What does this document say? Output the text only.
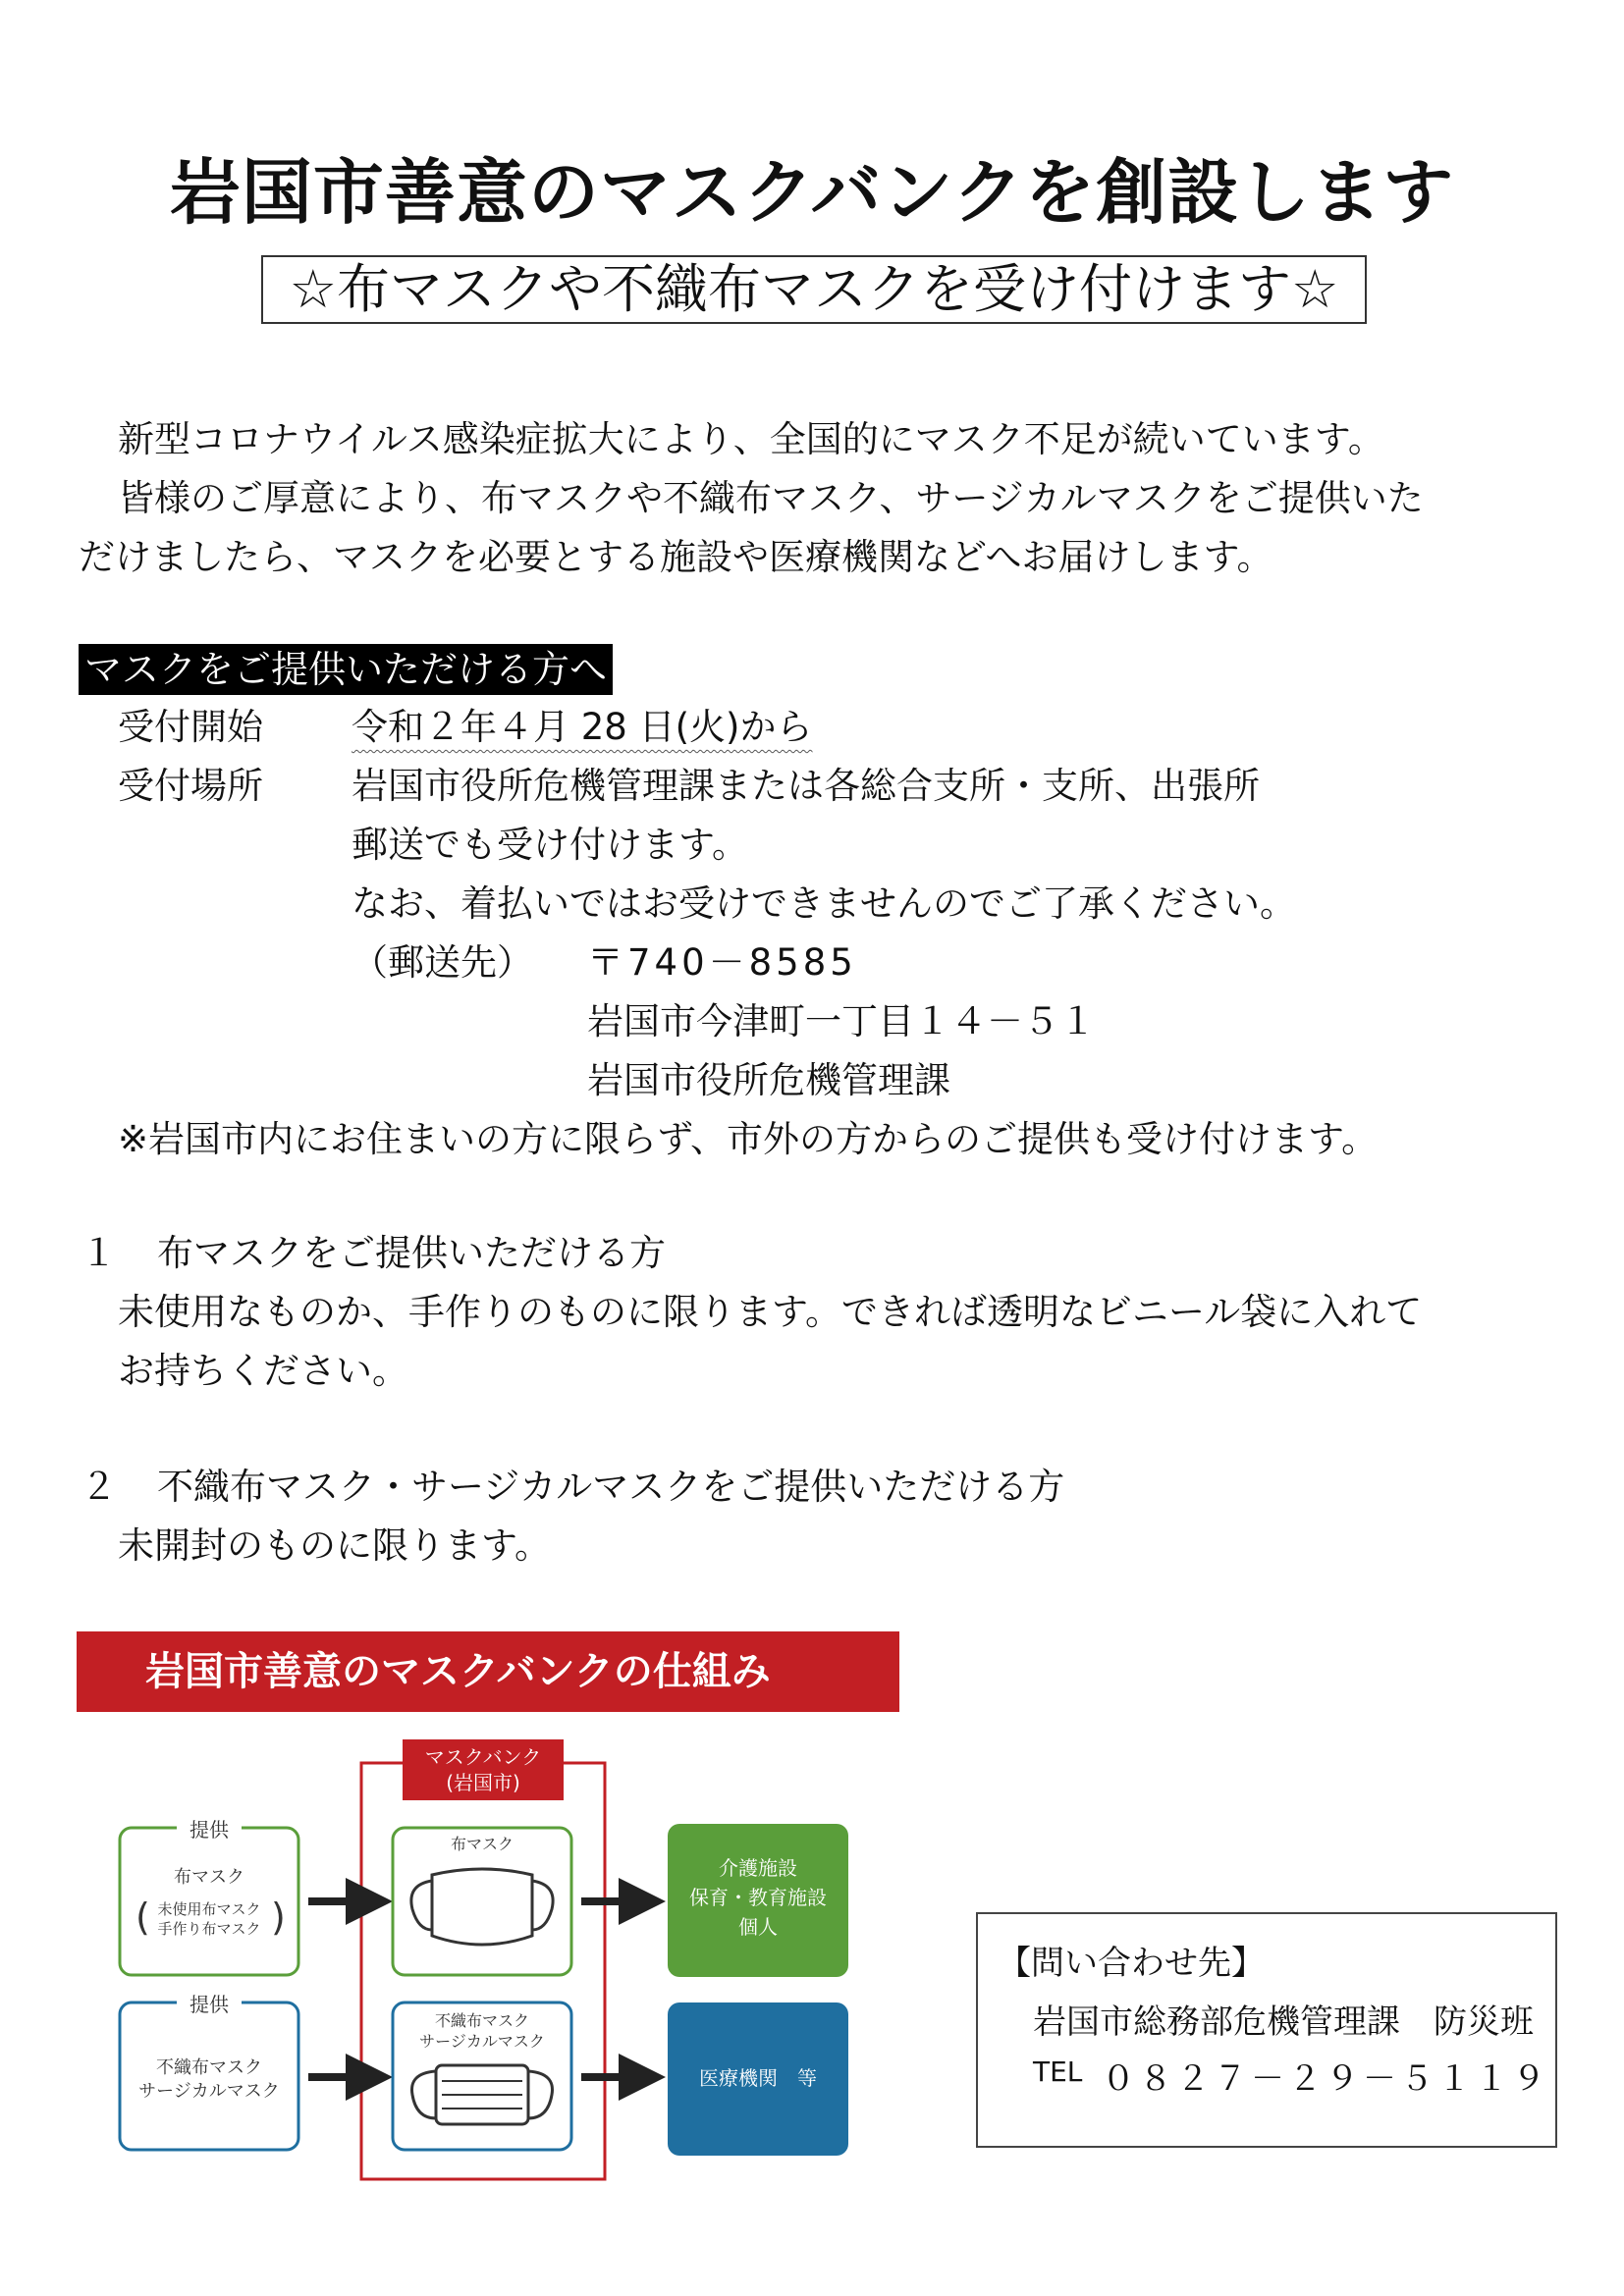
岩国市善意のマスクバンクを創設します
☆布マスクや不織布マスクを受け付けます☆

新型コロナウイルス感染症拡大により、全国的にマスク不足が続いています。

皆様のご厚意により、布マスクや不織布マスク、サージカルマスクをご提供いた

だけましたら、マスクを必要とする施設や医療機関などへお届けします。

マスクをご提供いただける方へ
受付開始 令和２年４月 28 日(火)から
受付場所 岩国市役所危機管理課または各総合支所・支所、出張所
郵送でも受け付けます。
なお、着払いではお受けできませんのでご了承ください。
（郵送先） 〒740－8585
岩国市今津町一丁目１４－５１
岩国市役所危機管理課
※岩国市内にお住まいの方に限らず、市外の方からのご提供も受け付けます。
１ 布マスクをご提供いただける方
未使用なものか、手作りのものに限ります。できれば透明なビニール袋に入れて
お持ちください。
２ 不織布マスク・サージカルマスクをご提供いただける方
未開封のものに限ります。
岩国市善意のマスクバンクの仕組み
マスクバンク
(岩国市)
提供
布マスク
( 未使用布マスク
手作り布マスク )
提供
不織布マスク
サージカルマスク
布マスク
不織布マスク
サージカルマスク
介護施設
保育・教育施設
個人
医療機関　等
【問い合わせ先】
岩国市総務部危機管理課　防災班
TEL ０８２７－２９－５１１９
